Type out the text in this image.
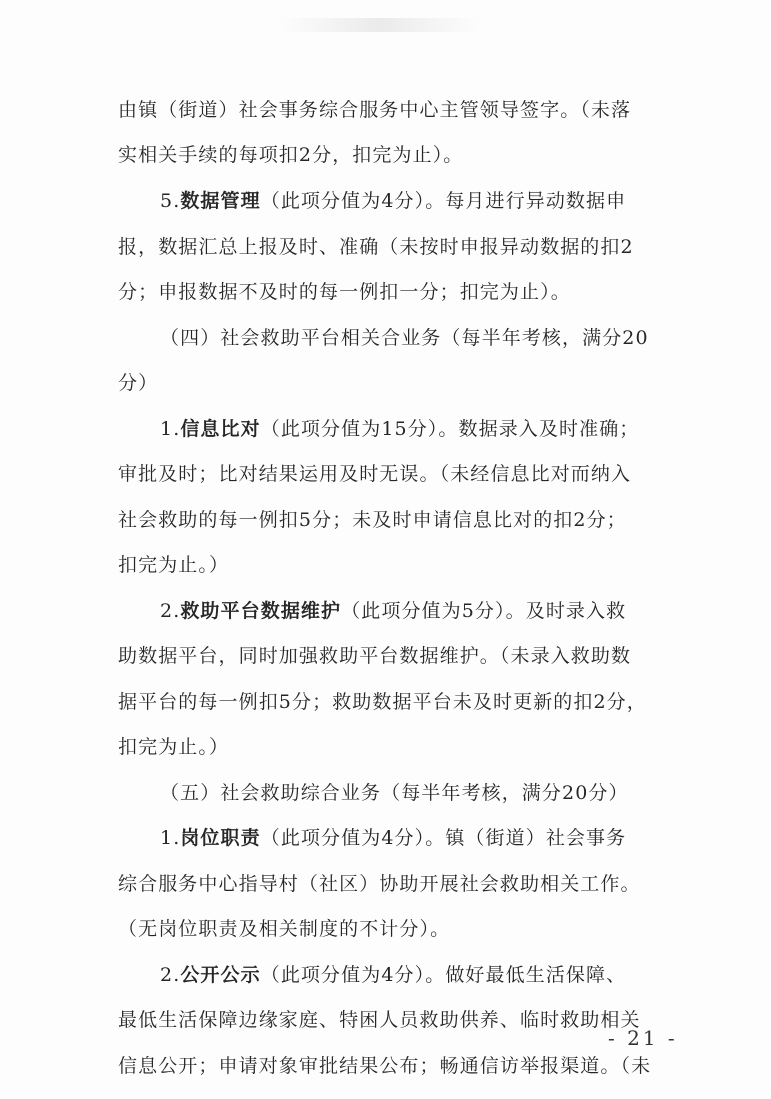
由镇（街道）社会事务综合服务中心主管领导签字。（未落
实相关手续的每项扣2分，扣完为止）。
5.数据管理（此项分值为4分）。每月进行异动数据申
报，数据汇总上报及时、准确（未按时申报异动数据的扣2
分；申报数据不及时的每一例扣一分；扣完为止）。
（四）社会救助平台相关合业务（每半年考核，满分20
分）
1.信息比对（此项分值为15分）。数据录入及时准确；
审批及时；比对结果运用及时无误。（未经信息比对而纳入
社会救助的每一例扣5分；未及时申请信息比对的扣2分；
扣完为止。）
2.救助平台数据维护（此项分值为5分）。及时录入救
助数据平台，同时加强救助平台数据维护。（未录入救助数
据平台的每一例扣5分；救助数据平台未及时更新的扣2分，
扣完为止。）
（五）社会救助综合业务（每半年考核，满分20分）
1.岗位职责（此项分值为4分）。镇（街道）社会事务
综合服务中心指导村（社区）协助开展社会救助相关工作。
（无岗位职责及相关制度的不计分）。
2.公开公示（此项分值为4分）。做好最低生活保障、
最低生活保障边缘家庭、特困人员救助供养、临时救助相关
信息公开；申请对象审批结果公布；畅通信访举报渠道。（未
- 21 -
